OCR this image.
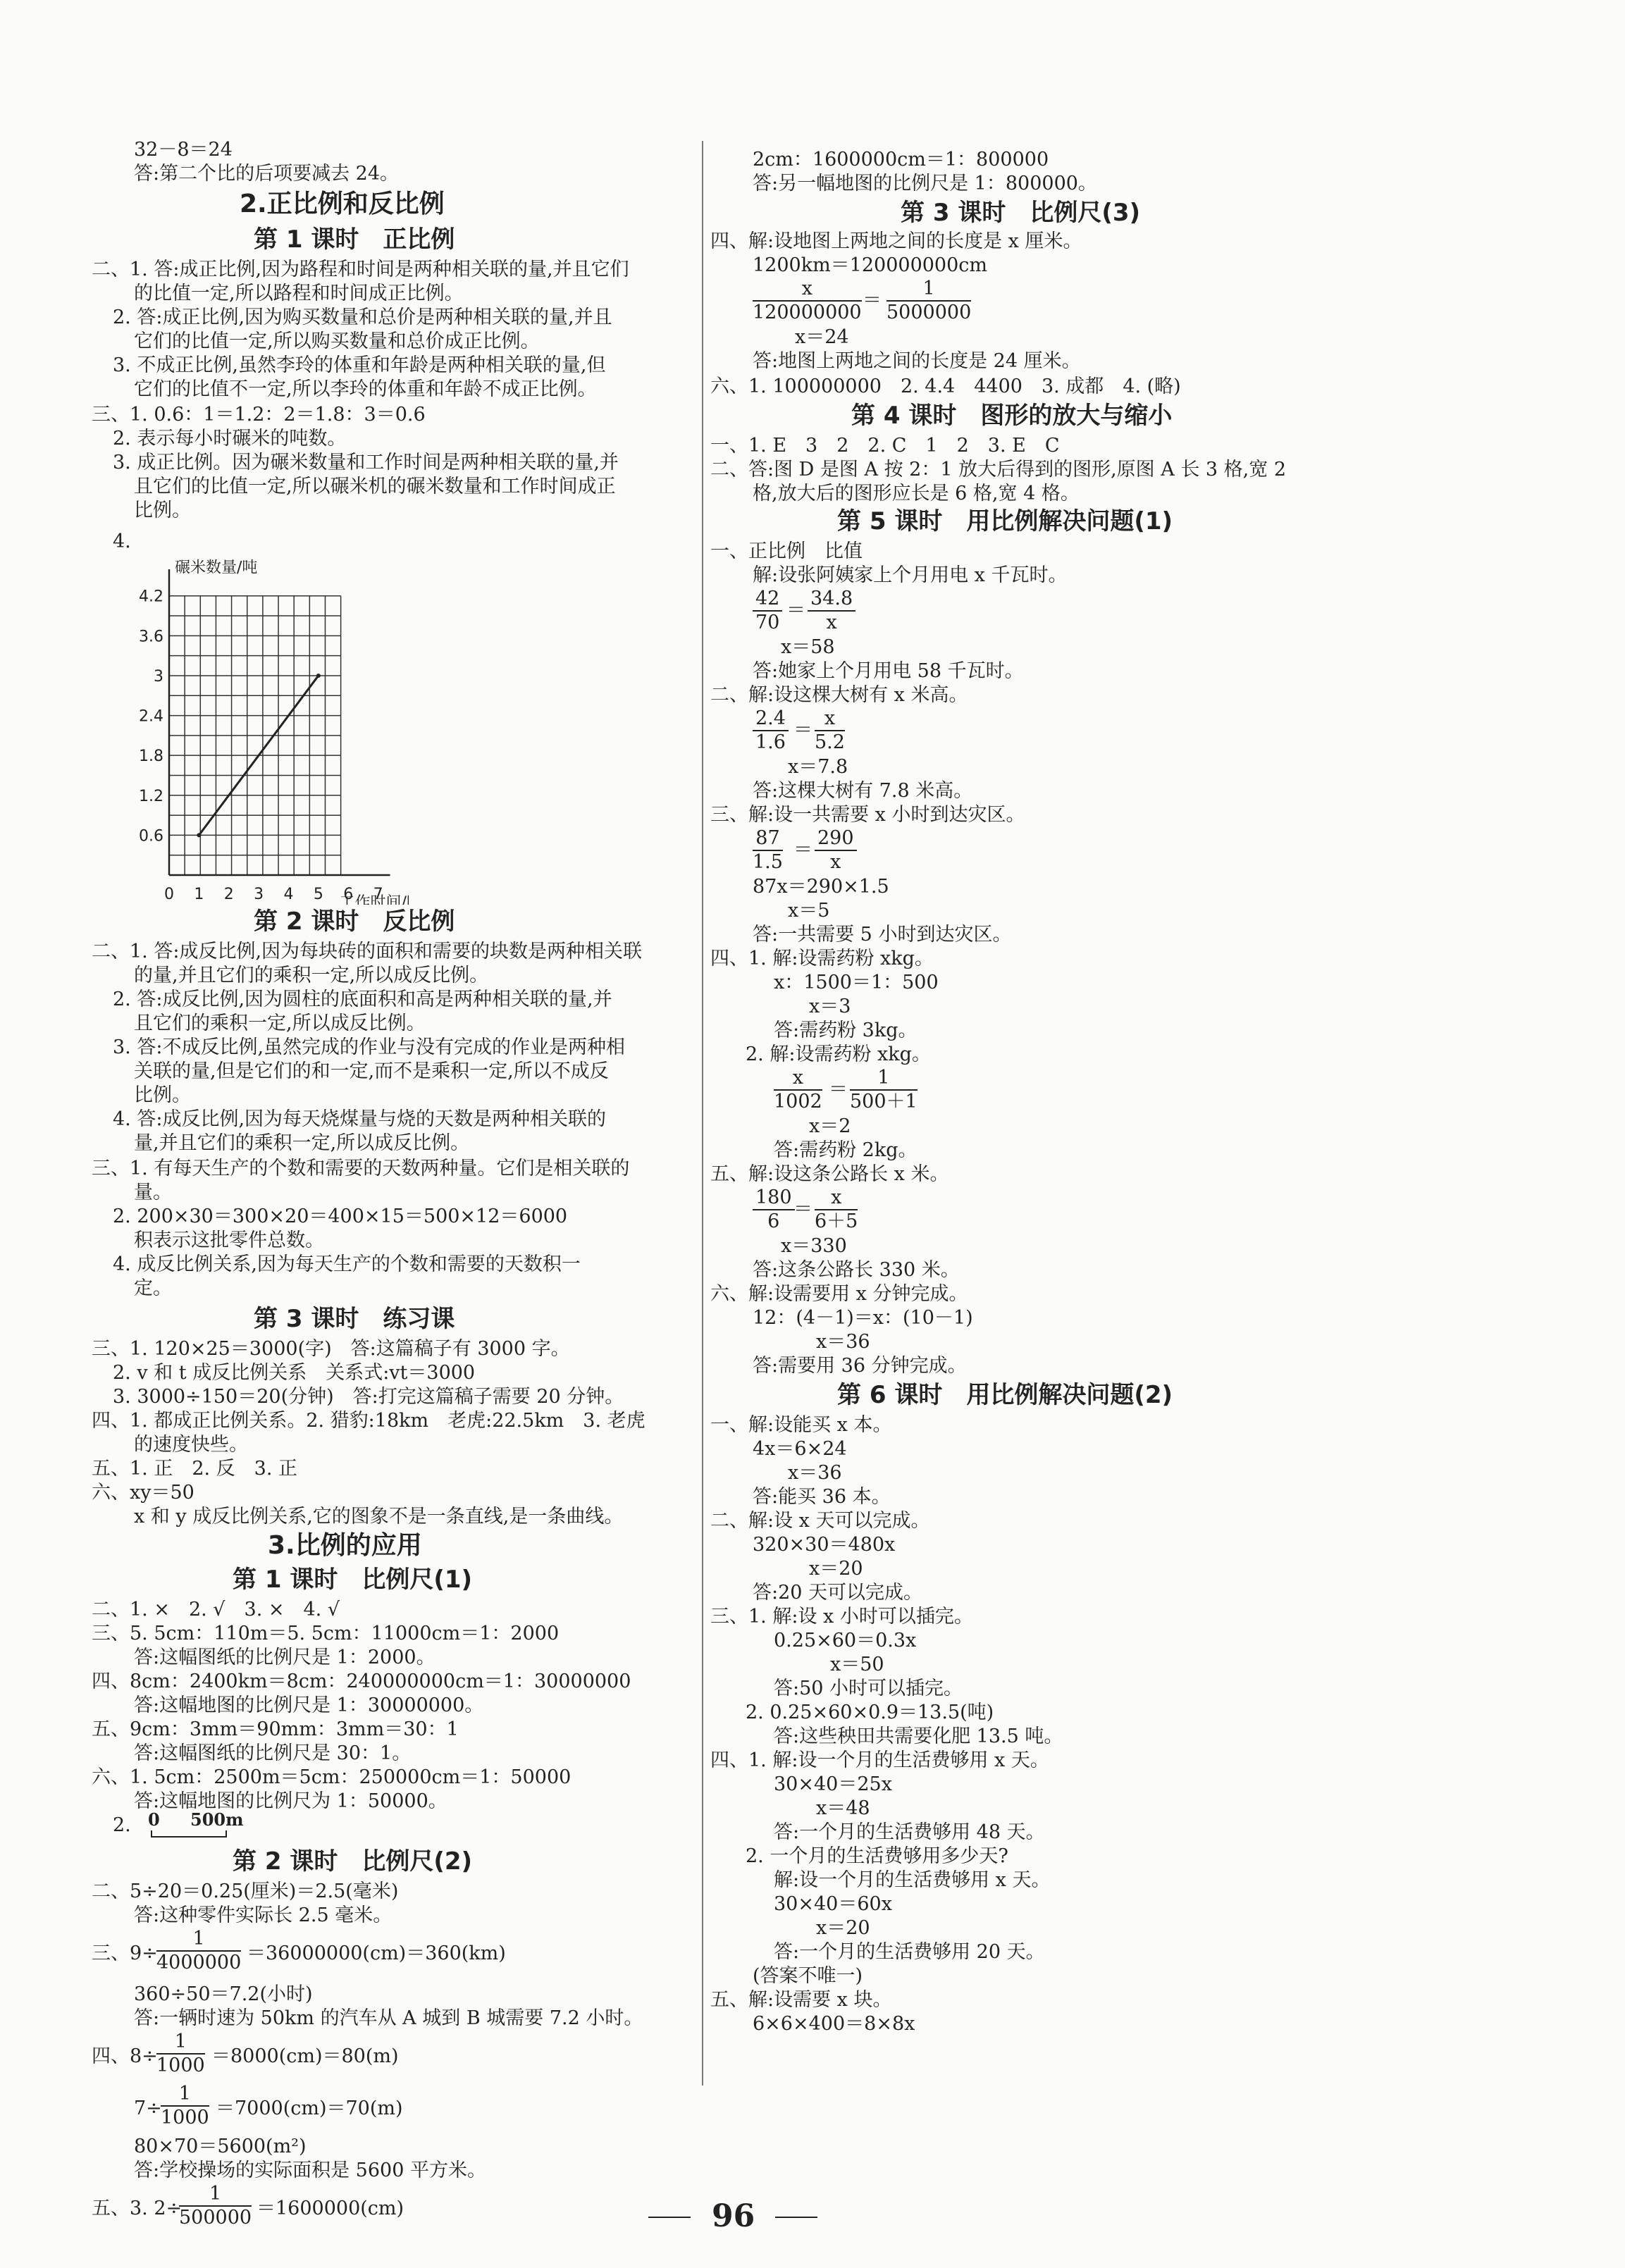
32－8＝24
答:第二个比的后项要减去 24。
2.正比例和反比例
第 1 课时　正比例
二、1. 答:成正比例,因为路程和时间是两种相关联的量,并且它们
的比值一定,所以路程和时间成正比例。
2. 答:成正比例,因为购买数量和总价是两种相关联的量,并且
它们的比值一定,所以购买数量和总价成正比例。
3. 不成正比例,虽然李玲的体重和年龄是两种相关联的量,但
它们的比值不一定,所以李玲的体重和年龄不成正比例。
三、1. 0.6：1＝1.2：2＝1.8：3＝0.6
2. 表示每小时碾米的吨数。
3. 成正比例。因为碾米数量和工作时间是两种相关联的量,并
且它们的比值一定,所以碾米机的碾米数量和工作时间成正
比例。
4.
0 1 2 3 4 5 6 7
0.6
1.2
1.8
2.4
3
3.6
4.2
碾米数量/吨
工作时间/
第 2 课时　反比例
二、1. 答:成反比例,因为每块砖的面积和需要的块数是两种相关联
的量,并且它们的乘积一定,所以成反比例。
2. 答:成反比例,因为圆柱的底面积和高是两种相关联的量,并
且它们的乘积一定,所以成反比例。
3. 答:不成反比例,虽然完成的作业与没有完成的作业是两种相
关联的量,但是它们的和一定,而不是乘积一定,所以不成反
比例。
4. 答:成反比例,因为每天烧煤量与烧的天数是两种相关联的
量,并且它们的乘积一定,所以成反比例。
三、1. 有每天生产的个数和需要的天数两种量。它们是相关联的
量。
2. 200×30＝300×20＝400×15＝500×12＝6000
积表示这批零件总数。
4. 成反比例关系,因为每天生产的个数和需要的天数积一
定。
第 3 课时　练习课
三、1. 120×25＝3000(字)　答:这篇稿子有 3000 字。
2. v 和 t 成反比例关系　关系式:vt＝3000
3. 3000÷150＝20(分钟)　答:打完这篇稿子需要 20 分钟。
四、1. 都成正比例关系。2. 猎豹:18km　老虎:22.5km　3. 老虎
的速度快些。
五、1. 正　2. 反　3. 正
六、xy＝50
x 和 y 成反比例关系,它的图象不是一条直线,是一条曲线。
3.比例的应用
第 1 课时　比例尺(1)
二、1. ×　2. √　3. ×　4. √
三、5. 5cm：110m＝5. 5cm：11000cm＝1：2000
答:这幅图纸的比例尺是 1：2000。
四、8cm：2400km＝8cm：240000000cm＝1：30000000
答:这幅地图的比例尺是 1：30000000。
五、9cm：3mm＝90mm：3mm＝30：1
答:这幅图纸的比例尺是 30：1。
六、1. 5cm：2500m＝5cm：250000cm＝1：50000
答:这幅地图的比例尺为 1：50000。
2. 0 500m
第 2 课时　比例尺(2)
二、5÷20＝0.25(厘米)＝2.5(毫米)
答:这种零件实际长 2.5 毫米。
三、9÷
$\frac{1}{4000000} =36000000(cm)=360(km)$
360÷50＝7.2(小时)
答:一辆时速为 50km 的汽车从 A 城到 B 城需要 7.2 小时。
四、8÷
$\frac{1}{1000} =8000(cm)=80(m)$
7÷
$\frac{1}{1000} =7000(cm)=70(m)$
80×70＝5600(m²)
答:学校操场的实际面积是 5600 平方米。
五、3. 2÷
$\frac{1}{500000} =1600000(cm)$
2cm：1600000cm＝1：800000
答:另一幅地图的比例尺是 1：800000。
第 3 课时　比例尺(3)
四、解:设地图上两地之间的长度是 x 厘米。
1200km＝120000000cm
$\frac{x}{120000000} = \frac{1}{5000000}$
x＝24
答:地图上两地之间的长度是 24 厘米。
六、1. 100000000　2. 4.4　4400　3. 成都　4. (略)
第 4 课时　图形的放大与缩小
一、1. E　3　2　2. C　1　2　3. E　C
二、答:图 D 是图 A 按 2：1 放大后得到的图形,原图 A 长 3 格,宽 2
格,放大后的图形应长是 6 格,宽 4 格。
第 5 课时　用比例解决问题(1)
一、正比例　比值
解:设张阿姨家上个月用电 x 千瓦时。
$\frac{42}{70} = \frac{34.8}{x}$
x＝58
答:她家上个月用电 58 千瓦时。
二、解:设这棵大树有 x 米高。
$\frac{2.4}{1.6} = \frac{x}{5.2}$
x＝7.8
答:这棵大树有 7.8 米高。
三、解:设一共需要 x 小时到达灾区。
$\frac{87}{1.5} = \frac{290}{x}$
87x＝290×1.5
x＝5
答:一共需要 5 小时到达灾区。
四、1. 解:设需药粉 xkg。
x：1500＝1：500
x＝3
答:需药粉 3kg。
2. 解:设需药粉 xkg。
$\frac{x}{1002} = \frac{1}{500+1}$
x＝2
答:需药粉 2kg。
五、解:设这条公路长 x 米。
$\frac{180}{6}$
＝ $\frac{x}{6+5}$
x＝330
答:这条公路长 330 米。
六、解:设需要用 x 分钟完成。
12：(4－1)＝x：(10－1)
x＝36
答:需要用 36 分钟完成。
第 6 课时　用比例解决问题(2)
一、解:设能买 x 本。
4x＝6×24
x＝36
答:能买 36 本。
二、解:设 x 天可以完成。
320×30＝480x
x＝20
答:20 天可以完成。
三、1. 解:设 x 小时可以插完。
0.25×60＝0.3x
x＝50
答:50 小时可以插完。
2. 0.25×60×0.9＝13.5(吨)
答:这些秧田共需要化肥 13.5 吨。
四、1. 解:设一个月的生活费够用 x 天。
30×40＝25x
x＝48
答:一个月的生活费够用 48 天。
2. 一个月的生活费够用多少天?
解:设一个月的生活费够用 x 天。
30×40＝60x
x＝20
答:一个月的生活费够用 20 天。
(答案不唯一)
五、解:设需要 x 块。
6×6×400＝8×8x
96
